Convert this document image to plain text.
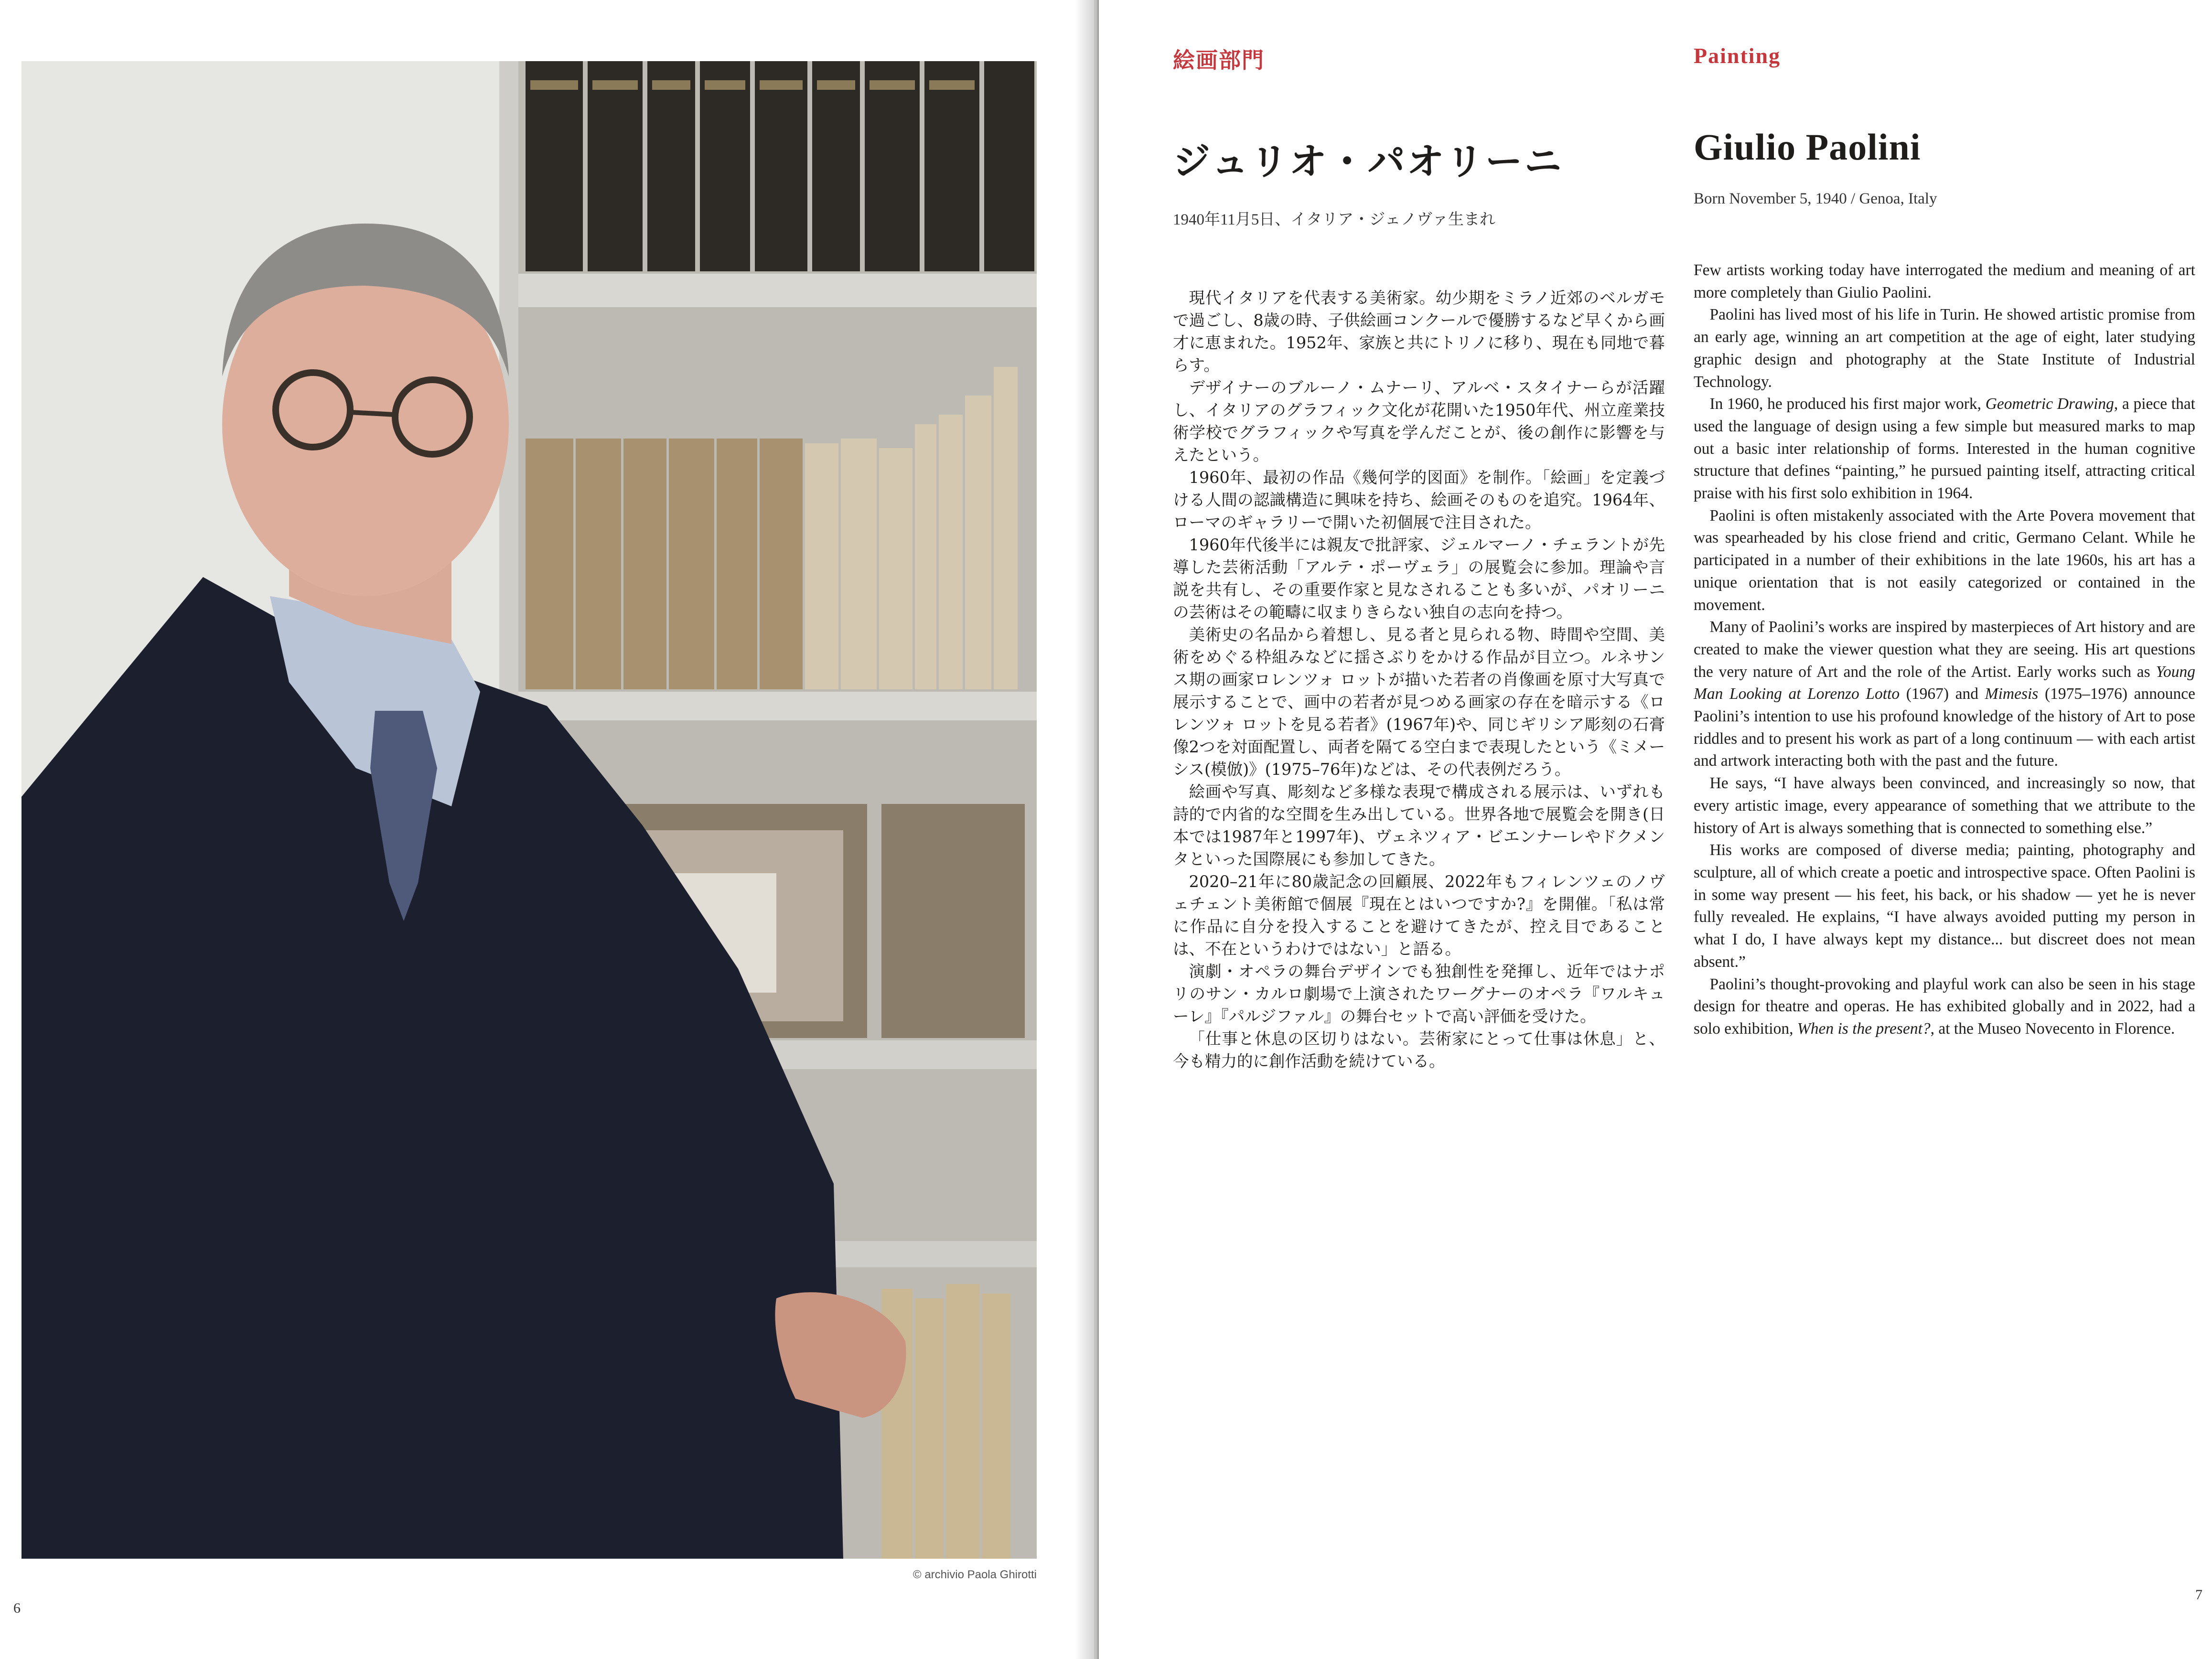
© archivio Paola Ghirotti
6
絵画部門
ジュリオ・パオリーニ
1940年11月5日、イタリア・ジェノヴァ生まれ

現代イタリアを代表する美術家。幼少期をミラノ近郊のベルガモで過ごし、8歳の時、子供絵画コンクールで優勝するなど早くから画才に恵まれた。1952年、家族と共にトリノに移り、現在も同地で暮らす。

デザイナーのブルーノ・ムナーリ、アルベ・スタイナーらが活躍し、イタリアのグラフィック文化が花開いた1950年代、州立産業技術学校でグラフィックや写真を学んだことが、後の創作に影響を与えたという。

1960年、最初の作品《幾何学的図面》を制作。「絵画」を定義づける人間の認識構造に興味を持ち、絵画そのものを追究。1964年、ローマのギャラリーで開いた初個展で注目された。

1960年代後半には親友で批評家、ジェルマーノ・チェラントが先導した芸術活動「アルテ・ポーヴェラ」の展覧会に参加。理論や言説を共有し、その重要作家と見なされることも多いが、パオリーニの芸術はその範疇に収まりきらない独自の志向を持つ。

美術史の名品から着想し、見る者と見られる物、時間や空間、美術をめぐる枠組みなどに揺さぶりをかける作品が目立つ。ルネサンス期の画家ロレンツォ ロットが描いた若者の肖像画を原寸大写真で展示することで、画中の若者が見つめる画家の存在を暗示する《ロレンツォ ロットを見る若者》(1967年)や、同じギリシア彫刻の石膏像2つを対面配置し、両者を隔てる空白まで表現したという《ミメーシス(模倣)》(1975–76年)などは、その代表例だろう。

絵画や写真、彫刻など多様な表現で構成される展示は、いずれも詩的で内省的な空間を生み出している。世界各地で展覧会を開き(日本では1987年と1997年)、ヴェネツィア・ビエンナーレやドクメンタといった国際展にも参加してきた。

2020–21年に80歳記念の回顧展、2022年もフィレンツェのノヴェチェント美術館で個展『現在とはいつですか?』を開催。「私は常に作品に自分を投入することを避けてきたが、控え目であることは、不在というわけではない」と語る。

演劇・オペラの舞台デザインでも独創性を発揮し、近年ではナポリのサン・カルロ劇場で上演されたワーグナーのオペラ『ワルキューレ』『パルジファル』の舞台セットで高い評価を受けた。

「仕事と休息の区切りはない。芸術家にとって仕事は休息」と、今も精力的に創作活動を続けている。

Painting
Giulio Paolini
Born November 5, 1940 / Genoa, Italy

Few artists working today have interrogated the medium and meaning of art more completely than Giulio Paolini.

Paolini has lived most of his life in Turin. He showed artistic promise from an early age, winning an art competition at the age of eight, later studying graphic design and photography at the State Institute of Industrial Technology.

In 1960, he produced his first major work, Geometric Drawing, a piece that used the language of design using a few simple but measured marks to map out a basic inter relationship of forms. Interested in the human cognitive structure that defines “painting,” he pursued painting itself, attracting critical praise with his first solo exhibition in 1964.

Paolini is often mistakenly associated with the Arte Povera movement that was spearheaded by his close friend and critic, Germano Celant. While he participated in a number of their exhibitions in the late 1960s, his art has a unique orientation that is not easily categorized or contained in the movement.

Many of Paolini’s works are inspired by masterpieces of Art history and are created to make the viewer question what they are seeing. His art questions the very nature of Art and the role of the Artist. Early works such as Young Man Looking at Lorenzo Lotto (1967) and Mimesis (1975–1976) announce Paolini’s intention to use his profound knowledge of the history of Art to pose riddles and to present his work as part of a long continuum — with each artist and artwork interacting both with the past and the future.

He says, “I have always been convinced, and increasingly so now, that every artistic image, every appearance of something that we attribute to the history of Art is always something that is connected to something else.”

His works are composed of diverse media; painting, photography and sculpture, all of which create a poetic and introspective space. Often Paolini is in some way present — his feet, his back, or his shadow — yet he is never fully revealed. He explains, “I have always avoided putting my person in what I do, I have always kept my distance... but discreet does not mean absent.”

Paolini’s thought-provoking and playful work can also be seen in his stage design for theatre and operas. He has exhibited globally and in 2022, had a solo exhibition, When is the present?, at the Museo Novecento in Florence.

7
